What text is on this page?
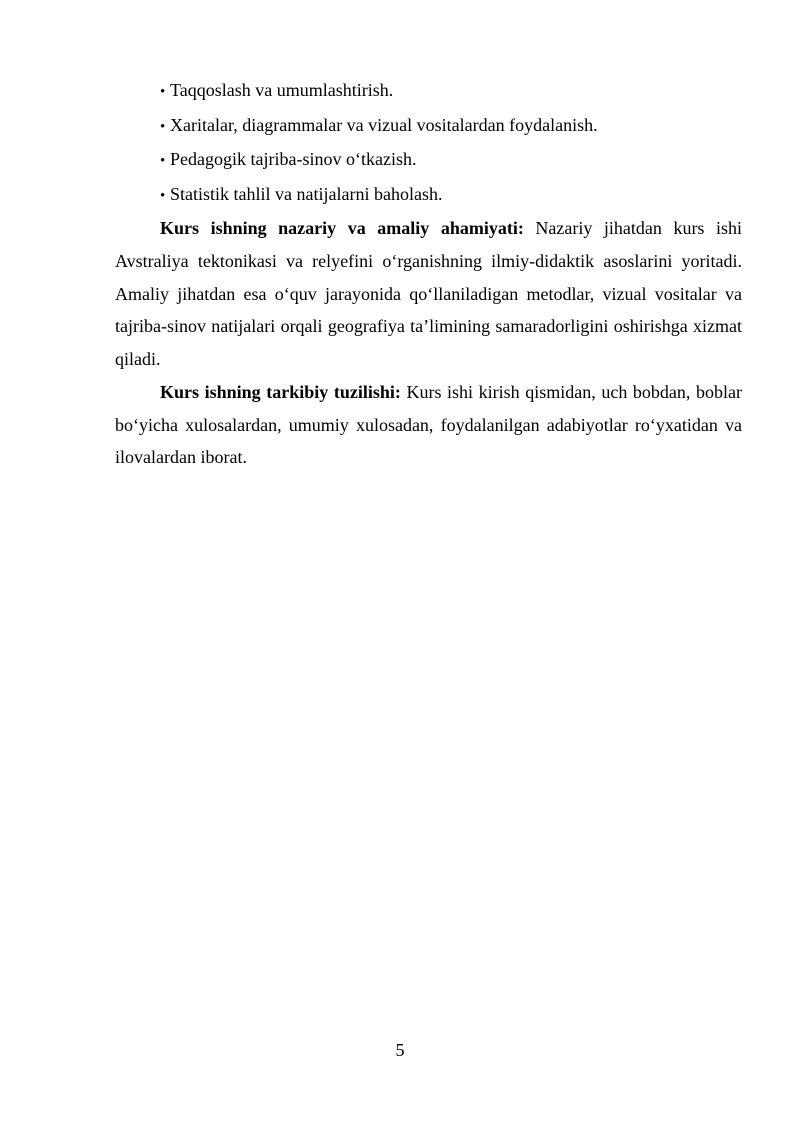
• Taqqoslash va umumlashtirish.
• Xaritalar, diagrammalar va vizual vositalardan foydalanish.
• Pedagogik tajriba-sinov o‘tkazish.
• Statistik tahlil va natijalarni baholash.

Kurs ishning nazariy va amaliy ahamiyati: Nazariy jihatdan kurs ishi Avstraliya tektonikasi va relyefini o‘rganishning ilmiy-didaktik asoslarini yoritadi. Amaliy jihatdan esa o‘quv jarayonida qo‘llaniladigan metodlar, vizual vositalar va tajriba-sinov natijalari orqali geografiya ta’limining samaradorligini oshirishga xizmat qiladi.

Kurs ishning tarkibiy tuzilishi: Kurs ishi kirish qismidan, uch bobdan, boblar bo‘yicha xulosalardan, umumiy xulosadan, foydalanilgan adabiyotlar ro‘yxatidan va ilovalardan iborat.

5
